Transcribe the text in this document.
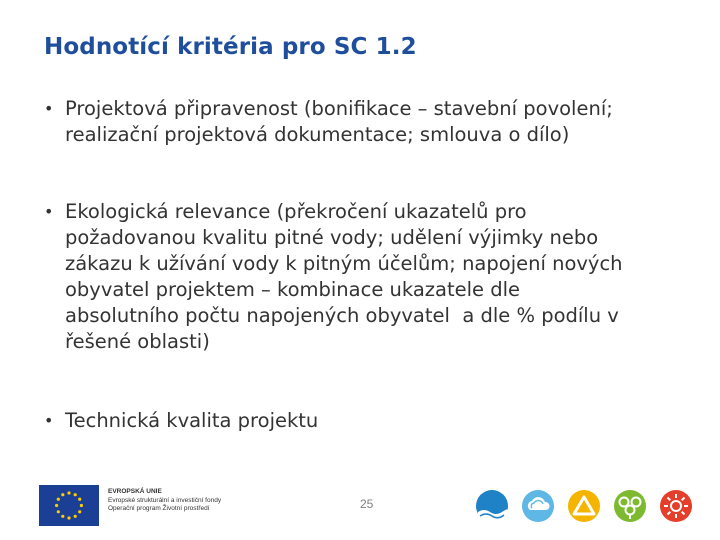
Hodnotící kritéria pro SC 1.2
• Projektová připravenost (bonifikace – stavební povolení;
realizační projektová dokumentace; smlouva o dílo)
• Ekologická relevance (překročení ukazatelů pro
požadovanou kvalitu pitné vody; udělení výjimky nebo
zákazu k užívání vody k pitným účelům; napojení nových
obyvatel projektem – kombinace ukazatele dle
absolutního počtu napojených obyvatel  a dle % podílu v
řešené oblasti)
• Technická kvalita projektu
EVROPSKÁ UNIE
Evropské strukturální a investiční fondy
Operační program Životní prostředí	25
